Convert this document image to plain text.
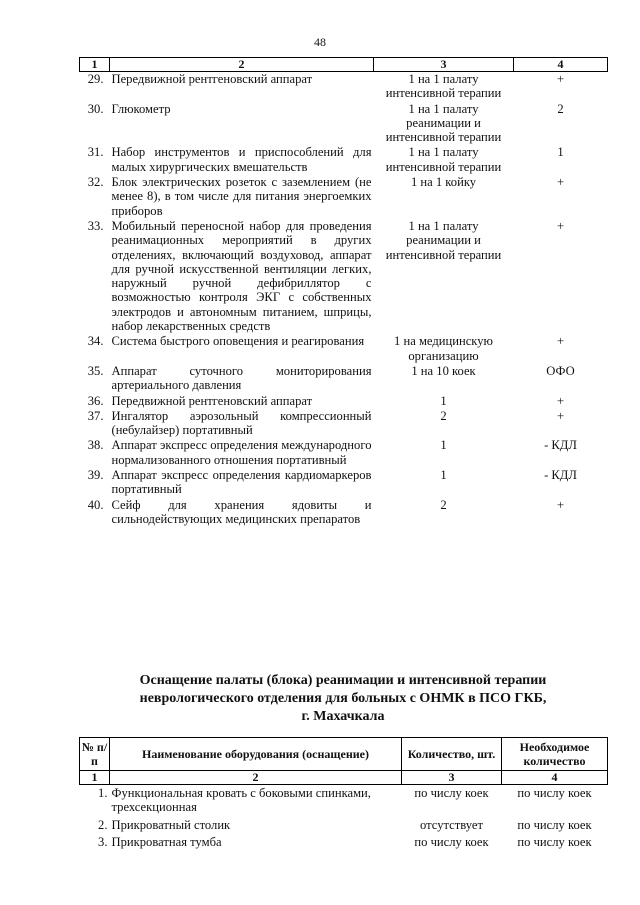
48
1	2	3	4
29.	Передвижной рентгеновский аппарат	1 на 1 палату интенсивной терапии	+
30.	Глюкометр	1 на 1 палату реанимации и интенсивной терапии	2
31.	Набор инструментов и приспособлений для малых хирургических вмешательств	1 на 1 палату интенсивной терапии	1
32.	Блок электрических розеток с заземлением (не менее 8), в том числе для питания энергоемких приборов	1 на 1 койку	+
33.	Мобильный переносной набор для проведения реанимационных мероприятий в других отделениях, включающий воздуховод, аппарат для ручной искусственной вентиляции легких, наружный ручной дефибриллятор с возможностью контроля ЭКГ с собственных электродов и автономным питанием, шприцы, набор лекарственных средств	1 на 1 палату реанимации и интенсивной терапии	+
34.	Система быстрого оповещения и реагирования	1 на медицинскую организацию	+
35.	Аппарат суточного мониторирования артериального давления	1 на 10 коек	ОФО
36.	Передвижной рентгеновский аппарат	1	+
37.	Ингалятор аэрозольный компрессионный (небулайзер) портативный	2	+
38.	Аппарат экспресс определения международного нормализованного отношения портативный	1	- КДЛ
39.	Аппарат экспресс определения кардиомаркеров портативный	1	- КДЛ
40.	Сейф для хранения ядовиты и сильнодействующих медицинских препаратов	2	+
Оснащение палаты (блока) реанимации и интенсивной терапии
неврологического отделения для больных с ОНМК в ПСО ГКБ,
г. Махачкала
№ п/п	Наименование оборудования (оснащение)	Количество, шт.	Необходимое количество
1	2	3	4
1.	Функциональная кровать с боковыми спинками, трехсекционная	по числу коек	по числу коек
2.	Прикроватный столик	отсутствует	по числу коек
3.	Прикроватная тумба	по числу коек	по числу коек
